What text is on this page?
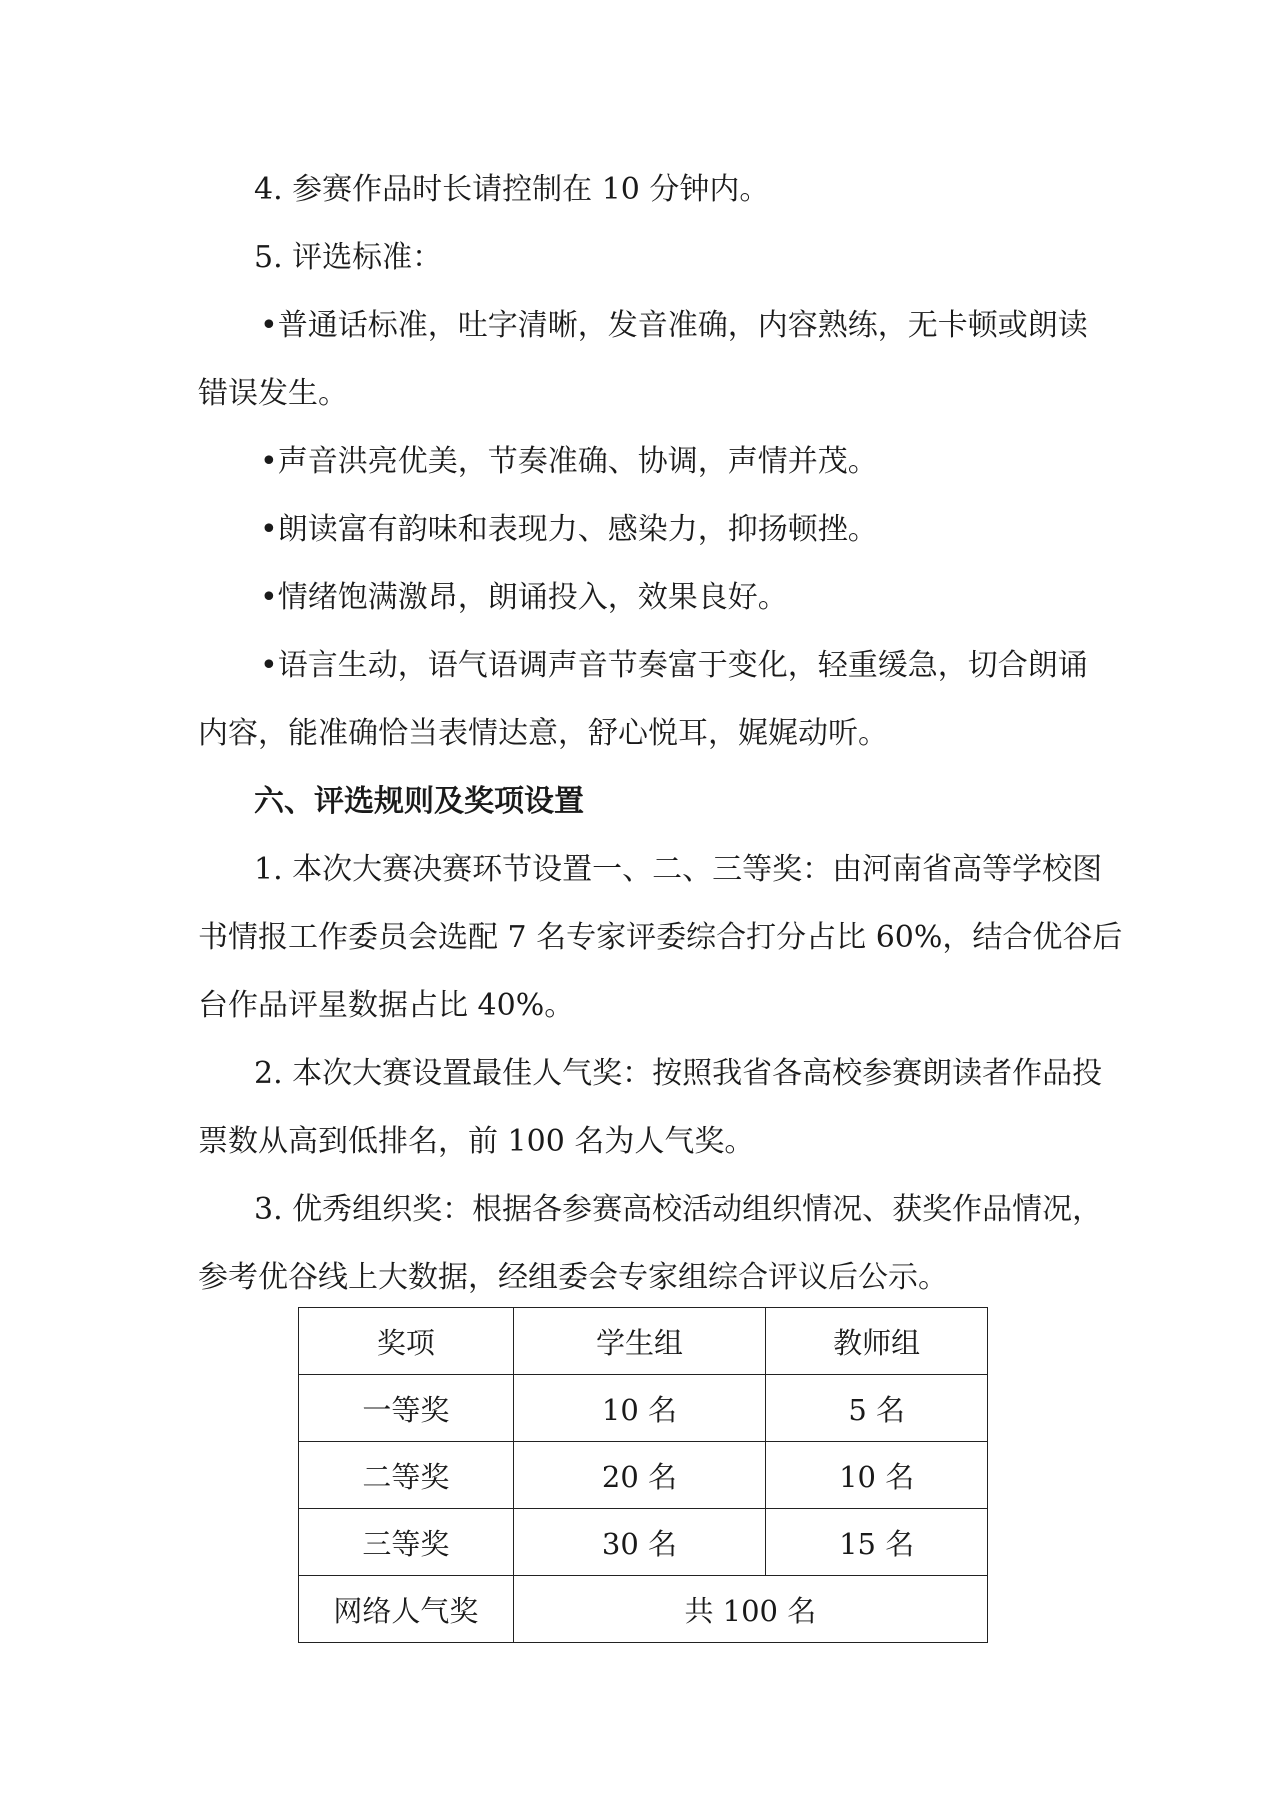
4. 参赛作品时长请控制在 10 分钟内。
5. 评选标准：
•普通话标准，吐字清晰，发音准确，内容熟练，无卡顿或朗读
错误发生。
•声音洪亮优美，节奏准确、协调，声情并茂。
•朗读富有韵味和表现力、感染力，抑扬顿挫。
•情绪饱满激昂，朗诵投入，效果良好。
•语言生动，语气语调声音节奏富于变化，轻重缓急，切合朗诵
内容，能准确恰当表情达意，舒心悦耳，娓娓动听。
六、评选规则及奖项设置
1. 本次大赛决赛环节设置一、二、三等奖：由河南省高等学校图
书情报工作委员会选配 7 名专家评委综合打分占比 60%，结合优谷后
台作品评星数据占比 40%。
2. 本次大赛设置最佳人气奖：按照我省各高校参赛朗读者作品投
票数从高到低排名，前 100 名为人气奖。
3. 优秀组织奖：根据各参赛高校活动组织情况、获奖作品情况，
参考优谷线上大数据，经组委会专家组综合评议后公示。
奖项	学生组	教师组
一等奖	10 名	5 名
二等奖	20 名	10 名
三等奖	30 名	15 名
网络人气奖	共 100 名	
